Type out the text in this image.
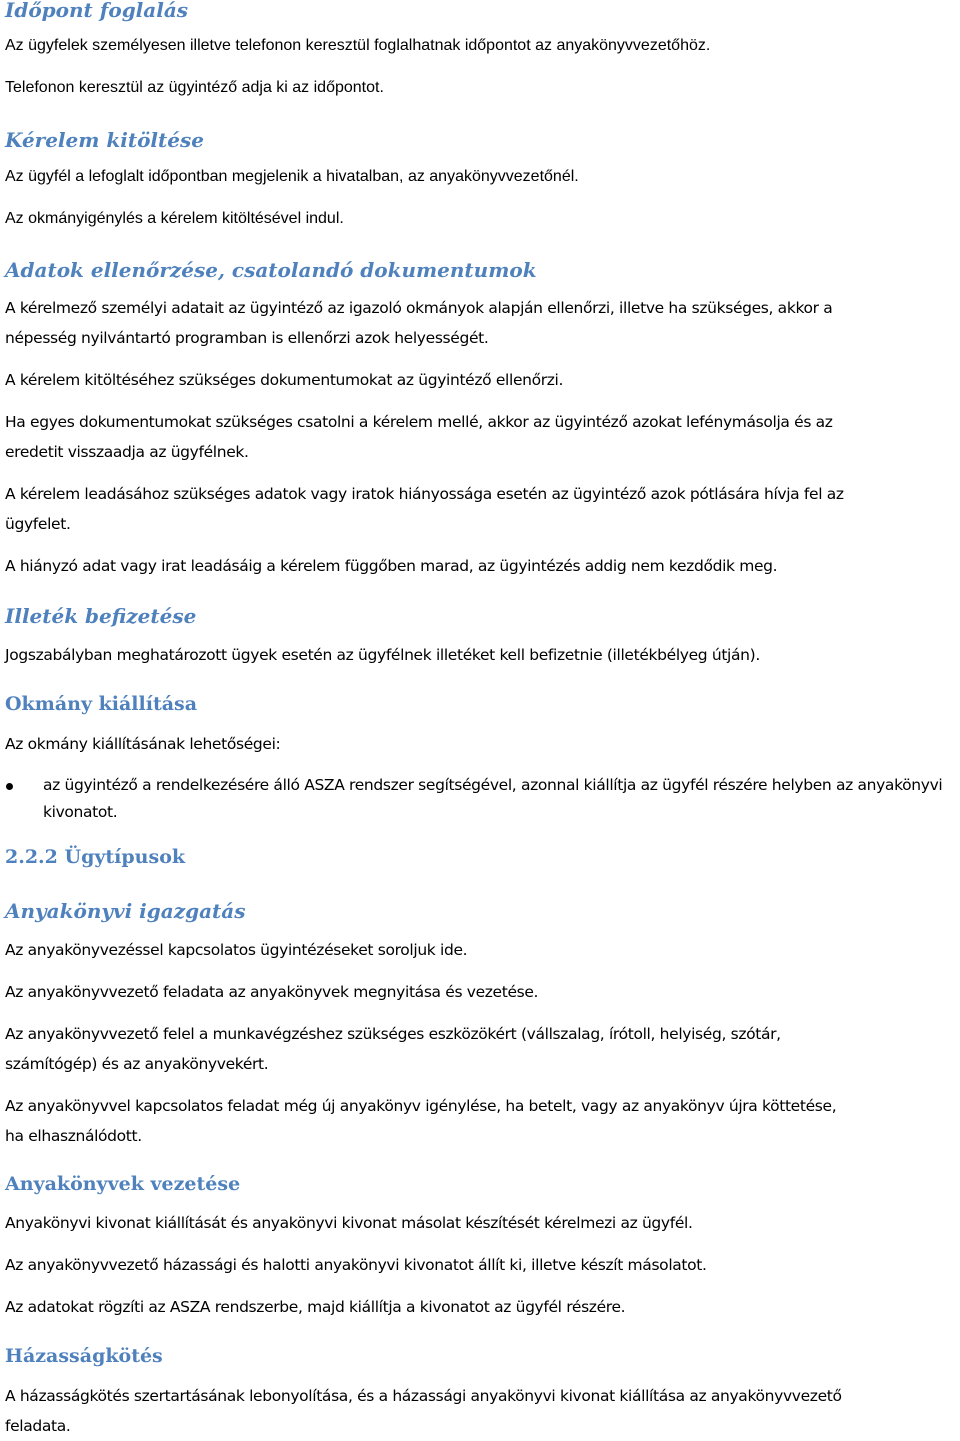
Időpont foglalás

Az ügyfelek személyesen illetve telefonon keresztül foglalhatnak időpontot az anyakönyvvezetőhöz.

Telefonon keresztül az ügyintéző adja ki az időpontot.

Kérelem kitöltése

Az ügyfél a lefoglalt időpontban megjelenik a hivatalban, az anyakönyvvezetőnél.

Az okmányigénylés a kérelem kitöltésével indul.

Adatok ellenőrzése, csatolandó dokumentumok

A kérelmező személyi adatait az ügyintéző az igazoló okmányok alapján ellenőrzi, illetve ha szükséges, akkor a

népesség nyilvántartó programban is ellenőrzi azok helyességét.

A kérelem kitöltéséhez szükséges dokumentumokat az ügyintéző ellenőrzi.

Ha egyes dokumentumokat szükséges csatolni a kérelem mellé, akkor az ügyintéző azokat lefénymásolja és az

eredetit visszaadja az ügyfélnek.

A kérelem leadásához szükséges adatok vagy iratok hiányossága esetén az ügyintéző azok pótlására hívja fel az

ügyfelet.

A hiányzó adat vagy irat leadásáig a kérelem függőben marad, az ügyintézés addig nem kezdődik meg.

Illeték befizetése

Jogszabályban meghatározott ügyek esetén az ügyfélnek illetéket kell befizetnie (illetékbélyeg útján).

Okmány kiállítása

Az okmány kiállításának lehetőségei:

az ügyintéző a rendelkezésére álló ASZA rendszer segítségével, azonnal kiállítja az ügyfél részére helyben az anyakönyvi kivonatot.
2.2.2 Ügytípusok
Anyakönyvi igazgatás

Az anyakönyvezéssel kapcsolatos ügyintézéseket soroljuk ide.

Az anyakönyvvezető feladata az anyakönyvek megnyitása és vezetése.

Az anyakönyvvezető felel a munkavégzéshez szükséges eszközökért (vállszalag, írótoll, helyiség, szótár,

számítógép) és az anyakönyvekért.

Az anyakönyvvel kapcsolatos feladat még új anyakönyv igénylése, ha betelt, vagy az anyakönyv újra köttetése,

ha elhasználódott.

Anyakönyvek vezetése

Anyakönyvi kivonat kiállítását és anyakönyvi kivonat másolat készítését kérelmezi az ügyfél.

Az anyakönyvvezető házassági és halotti anyakönyvi kivonatot állít ki, illetve készít másolatot.

Az adatokat rögzíti az ASZA rendszerbe, majd kiállítja a kivonatot az ügyfél részére.

Házasságkötés

A házasságkötés szertartásának lebonyolítása, és a házassági anyakönyvi kivonat kiállítása az anyakönyvvezető

feladata.
